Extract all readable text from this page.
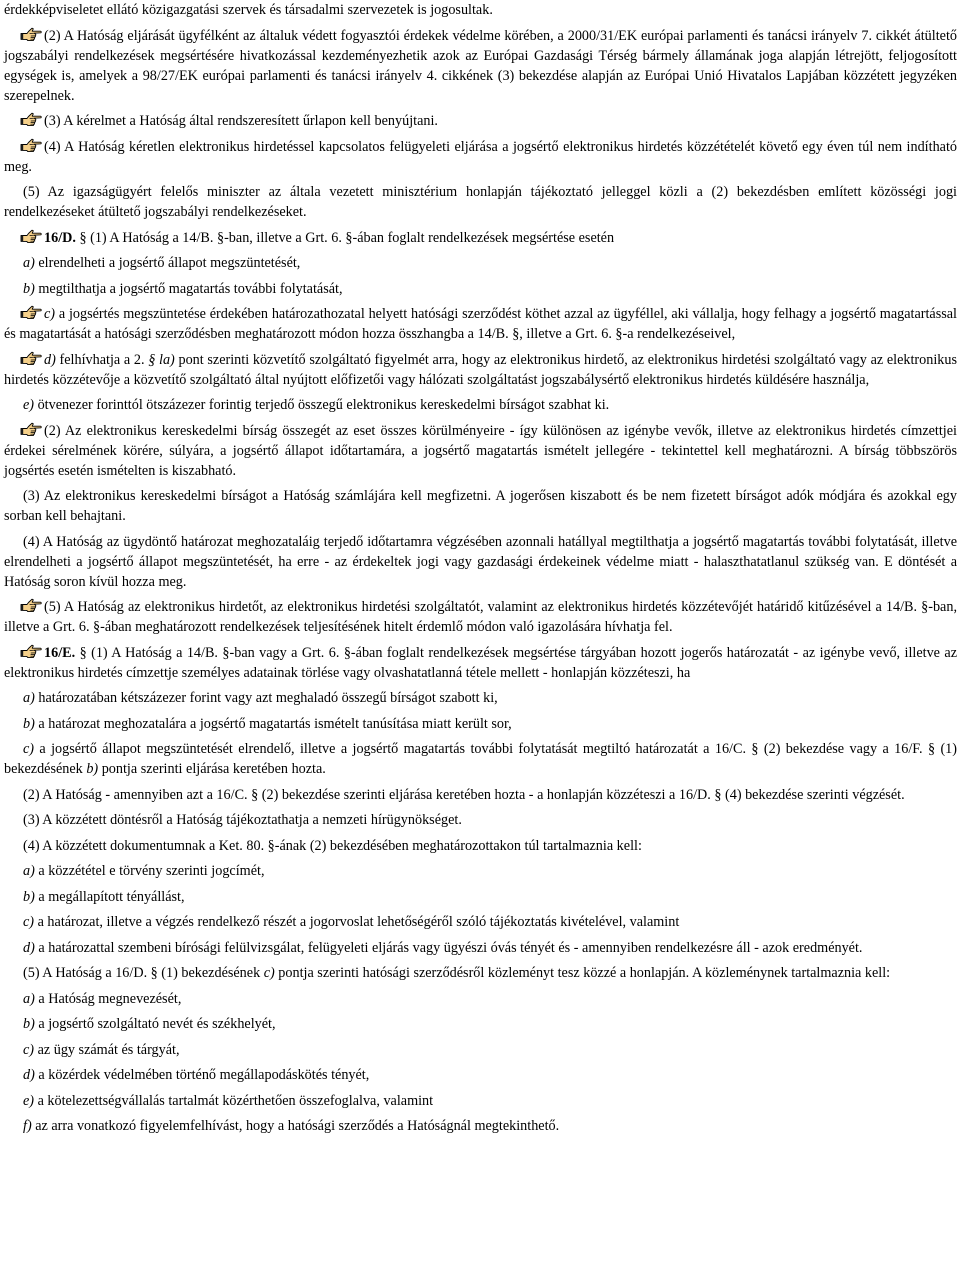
érdekképviseletet ellátó közigazgatási szervek és társadalmi szervezetek is jogosultak.

(2) A Hatóság eljárását ügyfélként az általuk védett fogyasztói érdekek védelme körében, a 2000/31/EK európai parlamenti és tanácsi irányelv 7. cikkét átültető jogszabályi rendelkezések megsértésére hivatkozással kezdeményezhetik azok az Európai Gazdasági Térség bármely államának joga alapján létrejött, feljogosított egységek is, amelyek a 98/27/EK európai parlamenti és tanácsi irányelv 4. cikkének (3) bekezdése alapján az Európai Unió Hivatalos Lapjában közzétett jegyzéken szerepelnek.

(3) A kérelmet a Hatóság által rendszeresített űrlapon kell benyújtani.

(4) A Hatóság kéretlen elektronikus hirdetéssel kapcsolatos felügyeleti eljárása a jogsértő elektronikus hirdetés közzétételét követő egy éven túl nem indítható meg.

(5) Az igazságügyért felelős miniszter az általa vezetett minisztérium honlapján tájékoztató jelleggel közli a (2) bekezdésben említett közösségi jogi rendelkezéseket átültető jogszabályi rendelkezéseket.

16/D. § (1) A Hatóság a 14/B. §-ban, illetve a Grt. 6. §-ában foglalt rendelkezések megsértése esetén

a) elrendelheti a jogsértő állapot megszüntetését,

b) megtilthatja a jogsértő magatartás további folytatását,

c) a jogsértés megszüntetése érdekében határozathozatal helyett hatósági szerződést köthet azzal az ügyféllel, aki vállalja, hogy felhagy a jogsértő magatartással és magatartását a hatósági szerződésben meghatározott módon hozza összhangba a 14/B. §, illetve a Grt. 6. §-a rendelkezéseivel,

d) felhívhatja a 2. § la) pont szerinti közvetítő szolgáltató figyelmét arra, hogy az elektronikus hirdető, az elektronikus hirdetési szolgáltató vagy az elektronikus hirdetés közzétevője a közvetítő szolgáltató által nyújtott előfizetői vagy hálózati szolgáltatást jogszabálysértő elektronikus hirdetés küldésére használja,

e) ötvenezer forinttól ötszázezer forintig terjedő összegű elektronikus kereskedelmi bírságot szabhat ki.

(2) Az elektronikus kereskedelmi bírság összegét az eset összes körülményeire - így különösen az igénybe vevők, illetve az elektronikus hirdetés címzettjei érdekei sérelmének körére, súlyára, a jogsértő állapot időtartamára, a jogsértő magatartás ismételt jellegére - tekintettel kell meghatározni. A bírság többszörös jogsértés esetén ismételten is kiszabható.

(3) Az elektronikus kereskedelmi bírságot a Hatóság számlájára kell megfizetni. A jogerősen kiszabott és be nem fizetett bírságot adók módjára és azokkal egy sorban kell behajtani.

(4) A Hatóság az ügydöntő határozat meghozataláig terjedő időtartamra végzésében azonnali hatállyal megtilthatja a jogsértő magatartás további folytatását, illetve elrendelheti a jogsértő állapot megszüntetését, ha erre - az érdekeltek jogi vagy gazdasági érdekeinek védelme miatt - halaszthatatlanul szükség van. E döntését a Hatóság soron kívül hozza meg.

(5) A Hatóság az elektronikus hirdetőt, az elektronikus hirdetési szolgáltatót, valamint az elektronikus hirdetés közzétevőjét határidő kitűzésével a 14/B. §-ban, illetve a Grt. 6. §-ában meghatározott rendelkezések teljesítésének hitelt érdemlő módon való igazolására hívhatja fel.

16/E. § (1) A Hatóság a 14/B. §-ban vagy a Grt. 6. §-ában foglalt rendelkezések megsértése tárgyában hozott jogerős határozatát - az igénybe vevő, illetve az elektronikus hirdetés címzettje személyes adatainak törlése vagy olvashatatlanná tétele mellett - honlapján közzéteszi, ha

a) határozatában kétszázezer forint vagy azt meghaladó összegű bírságot szabott ki,

b) a határozat meghozatalára a jogsértő magatartás ismételt tanúsítása miatt került sor,

c) a jogsértő állapot megszüntetését elrendelő, illetve a jogsértő magatartás további folytatását megtiltó határozatát a 16/C. § (2) bekezdése vagy a 16/F. § (1) bekezdésének b) pontja szerinti eljárása keretében hozta.

(2) A Hatóság - amennyiben azt a 16/C. § (2) bekezdése szerinti eljárása keretében hozta - a honlapján közzéteszi a 16/D. § (4) bekezdése szerinti végzését.

(3) A közzétett döntésről a Hatóság tájékoztathatja a nemzeti hírügynökséget.

(4) A közzétett dokumentumnak a Ket. 80. §-ának (2) bekezdésében meghatározottakon túl tartalmaznia kell:

a) a közzététel e törvény szerinti jogcímét,

b) a megállapított tényállást,

c) a határozat, illetve a végzés rendelkező részét a jogorvoslat lehetőségéről szóló tájékoztatás kivételével, valamint

d) a határozattal szembeni bírósági felülvizsgálat, felügyeleti eljárás vagy ügyészi óvás tényét és - amennyiben rendelkezésre áll - azok eredményét.

(5) A Hatóság a 16/D. § (1) bekezdésének c) pontja szerinti hatósági szerződésről közleményt tesz közzé a honlapján. A közleménynek tartalmaznia kell:

a) a Hatóság megnevezését,

b) a jogsértő szolgáltató nevét és székhelyét,

c) az ügy számát és tárgyát,

d) a közérdek védelmében történő megállapodáskötés tényét,

e) a kötelezettségvállalás tartalmát közérthetően összefoglalva, valamint

f) az arra vonatkozó figyelemfelhívást, hogy a hatósági szerződés a Hatóságnál megtekinthető.
